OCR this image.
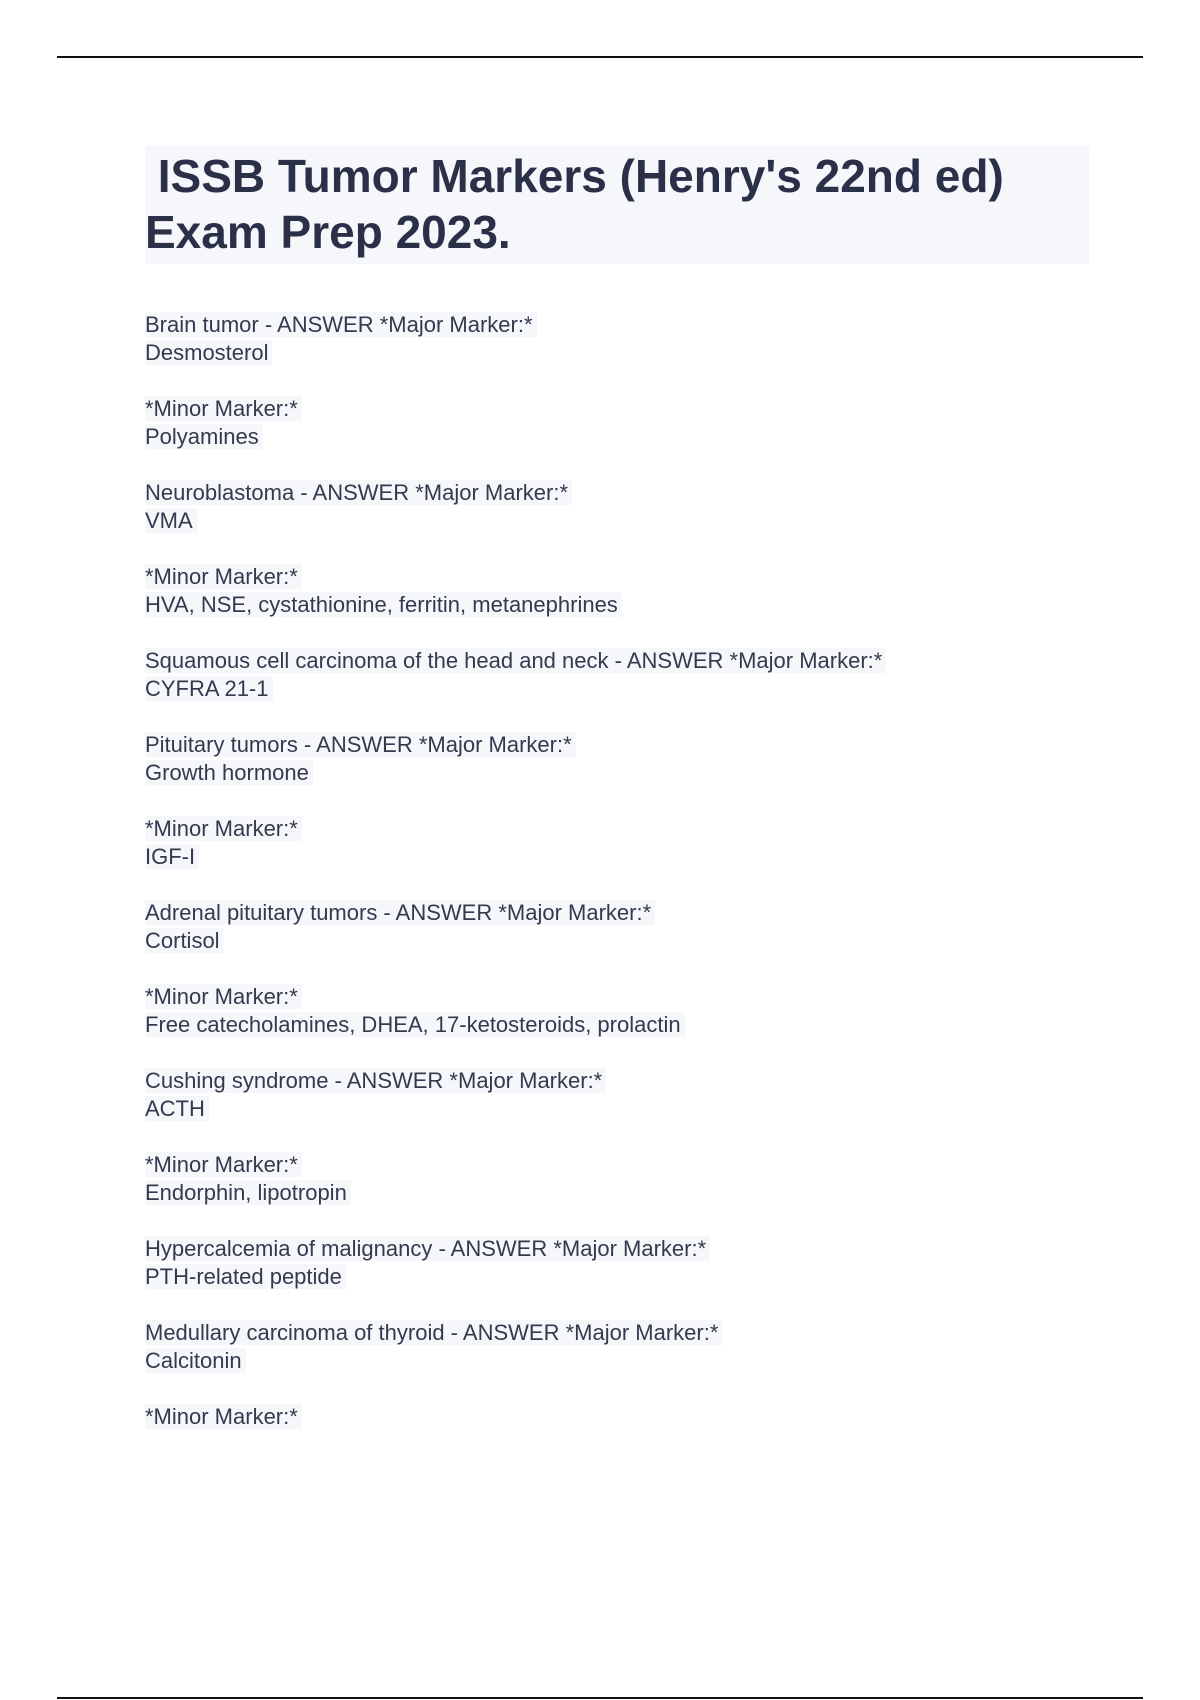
ISSB Tumor Markers (Henry's 22nd ed)
Exam Prep 2023.
Brain tumor - ANSWER *Major Marker:*
Desmosterol
*Minor Marker:*
Polyamines
Neuroblastoma - ANSWER *Major Marker:*
VMA
*Minor Marker:*
HVA, NSE, cystathionine, ferritin, metanephrines
Squamous cell carcinoma of the head and neck - ANSWER *Major Marker:*
CYFRA 21-1
Pituitary tumors - ANSWER *Major Marker:*
Growth hormone
*Minor Marker:*
IGF-I
Adrenal pituitary tumors - ANSWER *Major Marker:*
Cortisol
*Minor Marker:*
Free catecholamines, DHEA, 17-ketosteroids, prolactin
Cushing syndrome - ANSWER *Major Marker:*
ACTH
*Minor Marker:*
Endorphin, lipotropin
Hypercalcemia of malignancy - ANSWER *Major Marker:*
PTH-related peptide
Medullary carcinoma of thyroid - ANSWER *Major Marker:*
Calcitonin
*Minor Marker:*
